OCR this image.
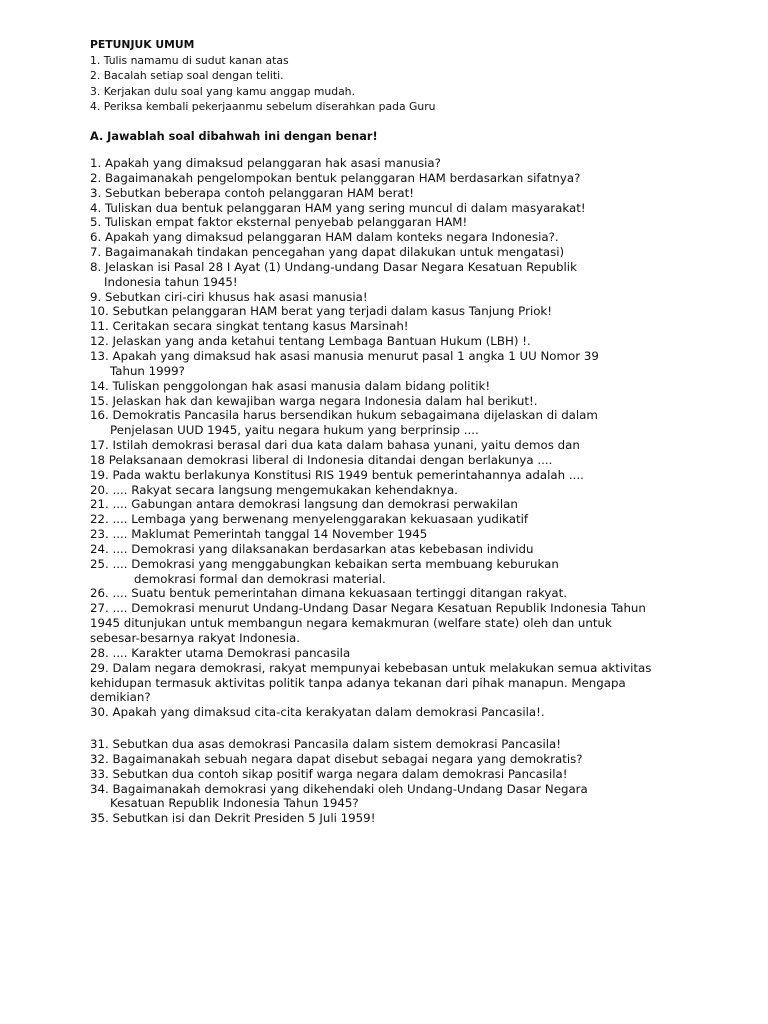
PETUNJUK UMUM
1. Tulis namamu di sudut kanan atas
2. Bacalah setiap soal dengan teliti.
3. Kerjakan dulu soal yang kamu anggap mudah.
4. Periksa kembali pekerjaanmu sebelum diserahkan pada Guru
A. Jawablah soal dibahwah ini dengan benar!
1. Apakah yang dimaksud pelanggaran hak asasi manusia?
2. Bagaimanakah pengelompokan bentuk pelanggaran HAM berdasarkan sifatnya?
3. Sebutkan beberapa contoh pelanggaran HAM berat!
4. Tuliskan dua bentuk pelanggaran HAM yang sering muncul di dalam masyarakat!
5. Tuliskan empat faktor eksternal penyebab pelanggaran HAM!
6. Apakah yang dimaksud pelanggaran HAM dalam konteks negara Indonesia?.
7. Bagaimanakah tindakan pencegahan yang dapat dilakukan untuk mengatasi)
8. Jelaskan isi Pasal 28 I Ayat (1) Undang-undang Dasar Negara Kesatuan Republik
Indonesia tahun 1945!
9. Sebutkan ciri-ciri khusus hak asasi manusia!
10. Sebutkan pelanggaran HAM berat yang terjadi dalam kasus Tanjung Priok!
11. Ceritakan secara singkat tentang kasus Marsinah!
12. Jelaskan yang anda ketahui tentang Lembaga Bantuan Hukum (LBH) !.
13. Apakah yang dimaksud hak asasi manusia menurut pasal 1 angka 1 UU Nomor 39
Tahun 1999?
14. Tuliskan penggolongan hak asasi manusia dalam bidang politik!
15. Jelaskan hak dan kewajiban warga negara Indonesia dalam hal berikut!.
16. Demokratis Pancasila harus bersendikan hukum sebagaimana dijelaskan di dalam
Penjelasan UUD 1945, yaitu negara hukum yang berprinsip ....
17. Istilah demokrasi berasal dari dua kata dalam bahasa yunani, yaitu demos dan
18 Pelaksanaan demokrasi liberal di Indonesia ditandai dengan berlakunya ....
19. Pada waktu berlakunya Konstitusi RIS 1949 bentuk pemerintahannya adalah ....
20. .... Rakyat secara langsung mengemukakan kehendaknya.
21. .... Gabungan antara demokrasi langsung dan demokrasi perwakilan
22. .... Lembaga yang berwenang menyelenggarakan kekuasaan yudikatif
23. .... Maklumat Pemerintah tanggal 14 November 1945
24. .... Demokrasi yang dilaksanakan berdasarkan atas kebebasan individu
25. .... Demokrasi yang menggabungkan kebaikan serta membuang keburukan
demokrasi formal dan demokrasi material.
26. .... Suatu bentuk pemerintahan dimana kekuasaan tertinggi ditangan rakyat.
27. .... Demokrasi menurut Undang-Undang Dasar Negara Kesatuan Republik Indonesia Tahun
1945 ditunjukan untuk membangun negara kemakmuran (welfare state) oleh dan untuk
sebesar-besarnya rakyat Indonesia.
28. .... Karakter utama Demokrasi pancasila
29. Dalam negara demokrasi, rakyat mempunyai kebebasan untuk melakukan semua aktivitas
kehidupan termasuk aktivitas politik tanpa adanya tekanan dari pihak manapun. Mengapa
demikian?
30. Apakah yang dimaksud cita-cita kerakyatan dalam demokrasi Pancasila!.
31. Sebutkan dua asas demokrasi Pancasila dalam sistem demokrasi Pancasila!
32. Bagaimanakah sebuah negara dapat disebut sebagai negara yang demokratis?
33. Sebutkan dua contoh sikap positif warga negara dalam demokrasi Pancasila!
34. Bagaimanakah demokrasi yang dikehendaki oleh Undang-Undang Dasar Negara
Kesatuan Republik Indonesia Tahun 1945?
35. Sebutkan isi dan Dekrit Presiden 5 Juli 1959!
